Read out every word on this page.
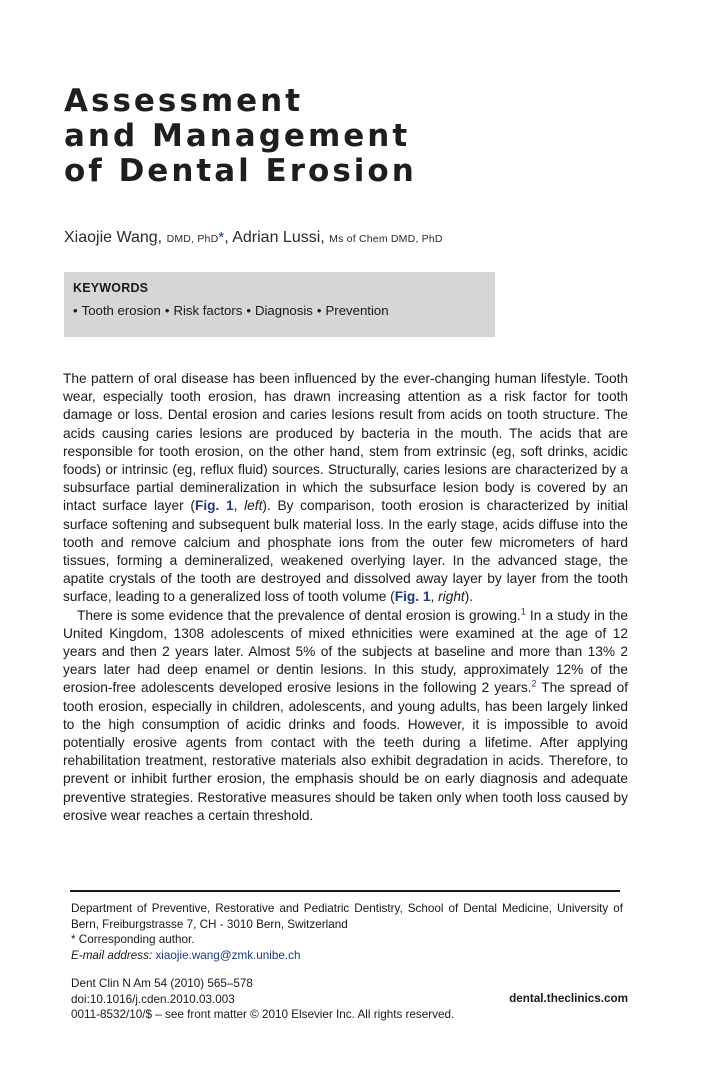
Assessment
and Management
of Dental Erosion
Xiaojie Wang, DMD, PhD*, Adrian Lussi, Ms of Chem DMD, PhD
KEYWORDS
• Tooth erosion • Risk factors • Diagnosis • Prevention

The pattern of oral disease has been influenced by the ever-changing human lifestyle. Tooth wear, especially tooth erosion, has drawn increasing attention as a risk factor for tooth damage or loss. Dental erosion and caries lesions result from acids on tooth structure. The acids causing caries lesions are produced by bacteria in the mouth. The acids that are responsible for tooth erosion, on the other hand, stem from extrinsic (eg, soft drinks, acidic foods) or intrinsic (eg, reflux fluid) sources. Structurally, caries lesions are characterized by a subsurface partial demineralization in which the subsurface lesion body is covered by an intact surface layer (Fig. 1, left). By comparison, tooth erosion is characterized by initial surface softening and subsequent bulk material loss. In the early stage, acids diffuse into the tooth and remove calcium and phosphate ions from the outer few micrometers of hard tissues, forming a demineralized, weakened overlying layer. In the advanced stage, the apatite crystals of the tooth are destroyed and dissolved away layer by layer from the tooth surface, leading to a generalized loss of tooth volume (Fig. 1, right).

There is some evidence that the prevalence of dental erosion is growing.$^1$ In a study in the United Kingdom, 1308 adolescents of mixed ethnicities were examined at the age of 12 years and then 2 years later. Almost 5% of the subjects at baseline and more than 13% 2 years later had deep enamel or dentin lesions. In this study, approximately 12% of the erosion-free adolescents developed erosive lesions in the following 2 years.$^2$ The spread of tooth erosion, especially in children, adolescents, and young adults, has been largely linked to the high consumption of acidic drinks and foods. However, it is impossible to avoid potentially erosive agents from contact with the teeth during a lifetime. After applying rehabilitation treatment, restorative materials also exhibit degradation in acids. Therefore, to prevent or inhibit further erosion, the emphasis should be on early diagnosis and adequate preventive strategies. Restorative measures should be taken only when tooth loss caused by erosive wear reaches a certain threshold.

Department of Preventive, Restorative and Pediatric Dentistry, School of Dental Medicine, University of Bern, Freiburgstrasse 7, CH - 3010 Bern, Switzerland

* Corresponding author.

E-mail address: xiaojie.wang@zmk.unibe.ch

Dent Clin N Am 54 (2010) 565–578
doi:10.1016/j.cden.2010.03.003
0011-8532/10/$ – see front matter © 2010 Elsevier Inc. All rights reserved.
dental.theclinics.com
